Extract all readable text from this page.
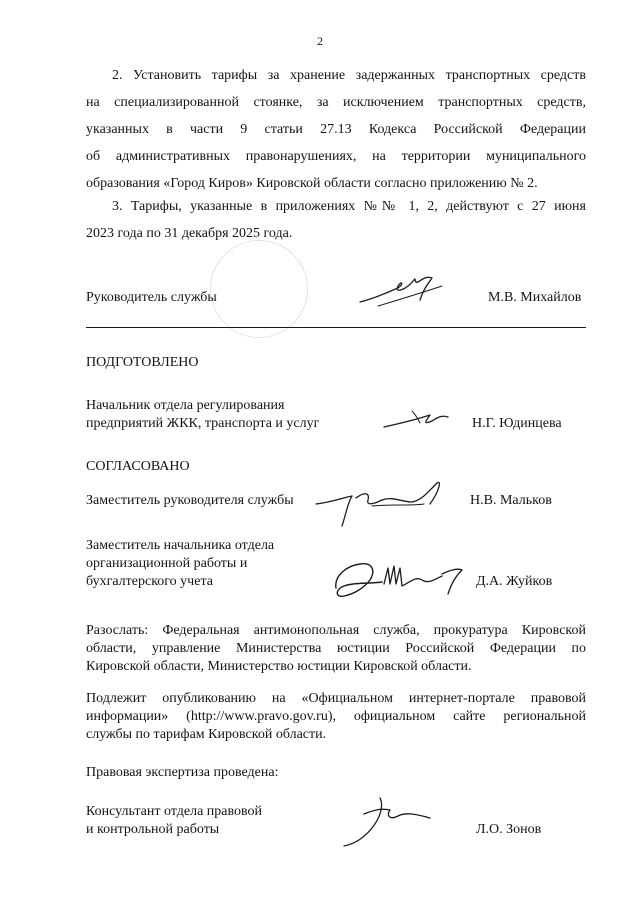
2
2. Установить тарифы за хранение задержанных транспортных средств
на специализированной стоянке, за исключением транспортных средств,
указанных в части 9 статьи 27.13 Кодекса Российской Федерации
об административных правонарушениях, на территории муниципального
образования «Город Киров» Кировской области согласно приложению № 2.
3. Тарифы, указанные в приложениях №№ 1, 2, действуют с 27 июня
2023 года по 31 декабря 2025 года.
Руководитель службы	М.В. Михайлов
ПОДГОТОВЛЕНО
Начальник отдела регулирования
предприятий ЖКК, транспорта и услуг	Н.Г. Юдинцева
СОГЛАСОВАНО
Заместитель руководителя службы	Н.В. Мальков
Заместитель начальника отдела
организационной работы и
бухгалтерского учета	Д.А. Жуйков
Разослать: Федеральная антимонопольная служба, прокуратура Кировской
области, управление Министерства юстиции Российской Федерации по
Кировской области, Министерство юстиции Кировской области.
Подлежит опубликованию на «Официальном интернет-портале правовой
информации» (http://www.pravo.gov.ru), официальном сайте региональной
службы по тарифам Кировской области.
Правовая экспертиза проведена:
Консультант отдела правовой
и контрольной работы	Л.О. Зонов
